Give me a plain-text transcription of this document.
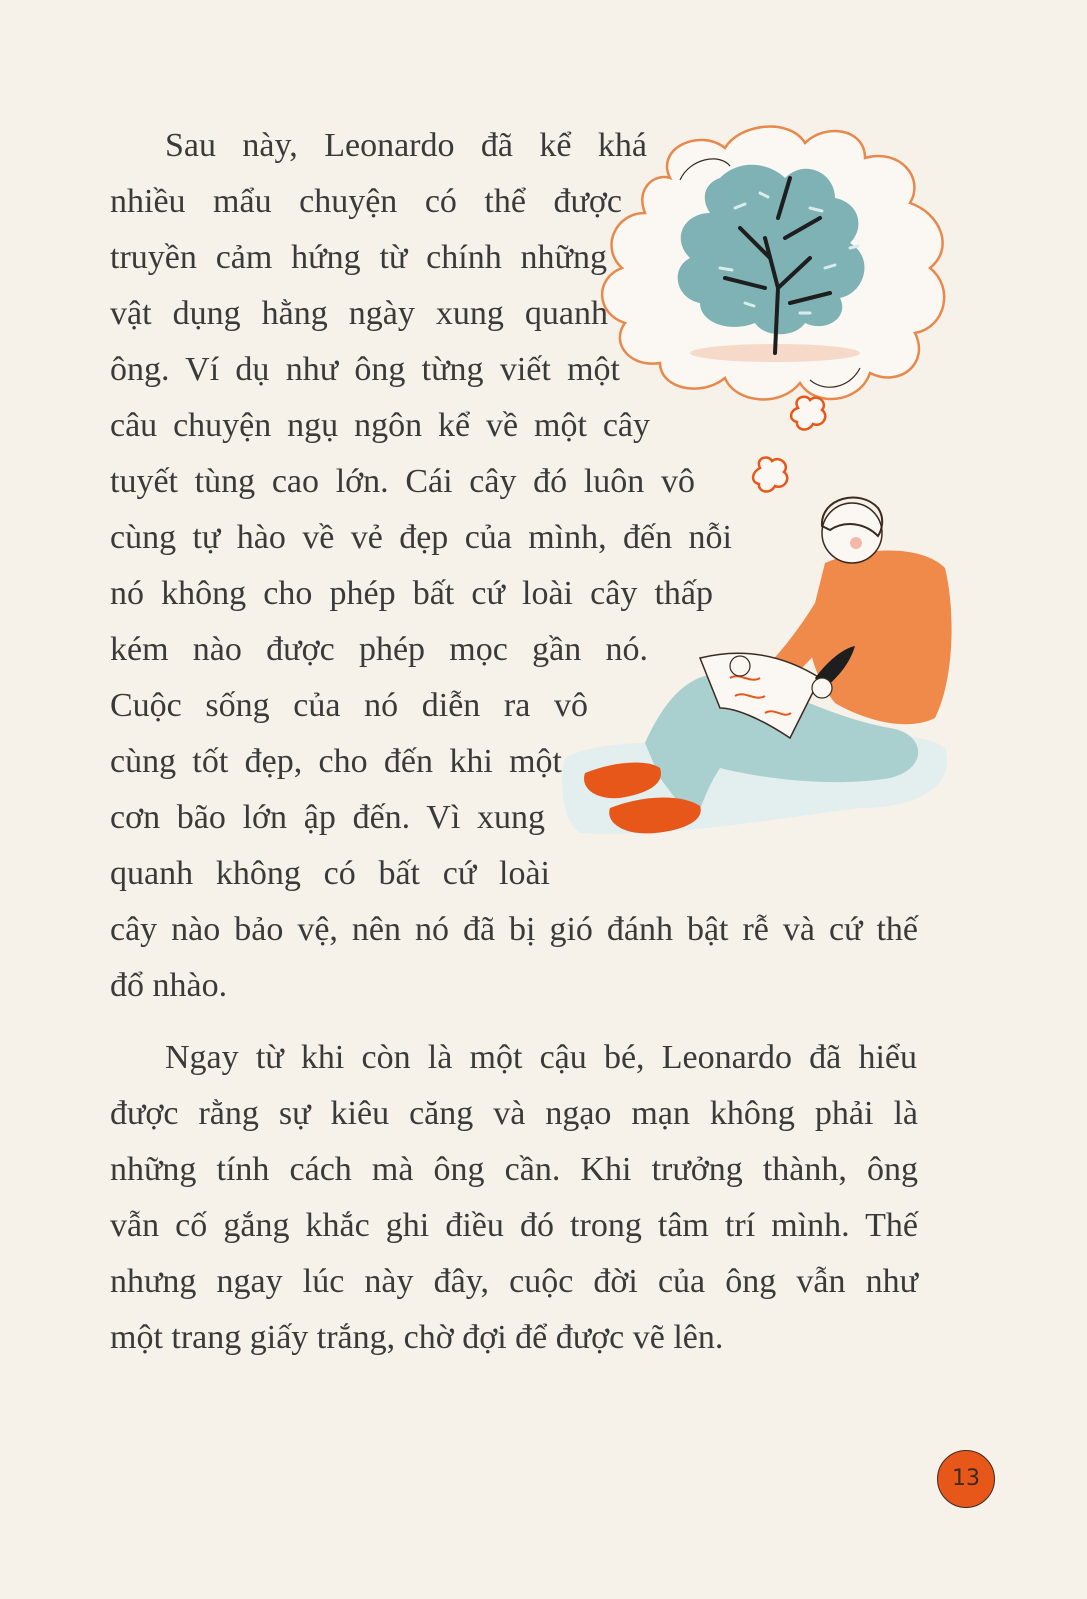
Sau này, Leonardo đã kể khá
nhiều mẩu chuyện có thể được
truyền cảm hứng từ chính những
vật dụng hằng ngày xung quanh
ông. Ví dụ như ông từng viết một
câu chuyện ngụ ngôn kể về một cây
tuyết tùng cao lớn. Cái cây đó luôn vô
cùng tự hào về vẻ đẹp của mình, đến nỗi
nó không cho phép bất cứ loài cây thấp
kém nào được phép mọc gần nó.
Cuộc sống của nó diễn ra vô
cùng tốt đẹp, cho đến khi một
cơn bão lớn ập đến. Vì xung
quanh không có bất cứ loài
cây nào bảo vệ, nên nó đã bị gió đánh bật rễ và cứ thế
đổ nhào.
Ngay từ khi còn là một cậu bé, Leonardo đã hiểu
được rằng sự kiêu căng và ngạo mạn không phải là
những tính cách mà ông cần. Khi trưởng thành, ông
vẫn cố gắng khắc ghi điều đó trong tâm trí mình. Thế
nhưng ngay lúc này đây, cuộc đời của ông vẫn như
một trang giấy trắng, chờ đợi để được vẽ lên.
13
